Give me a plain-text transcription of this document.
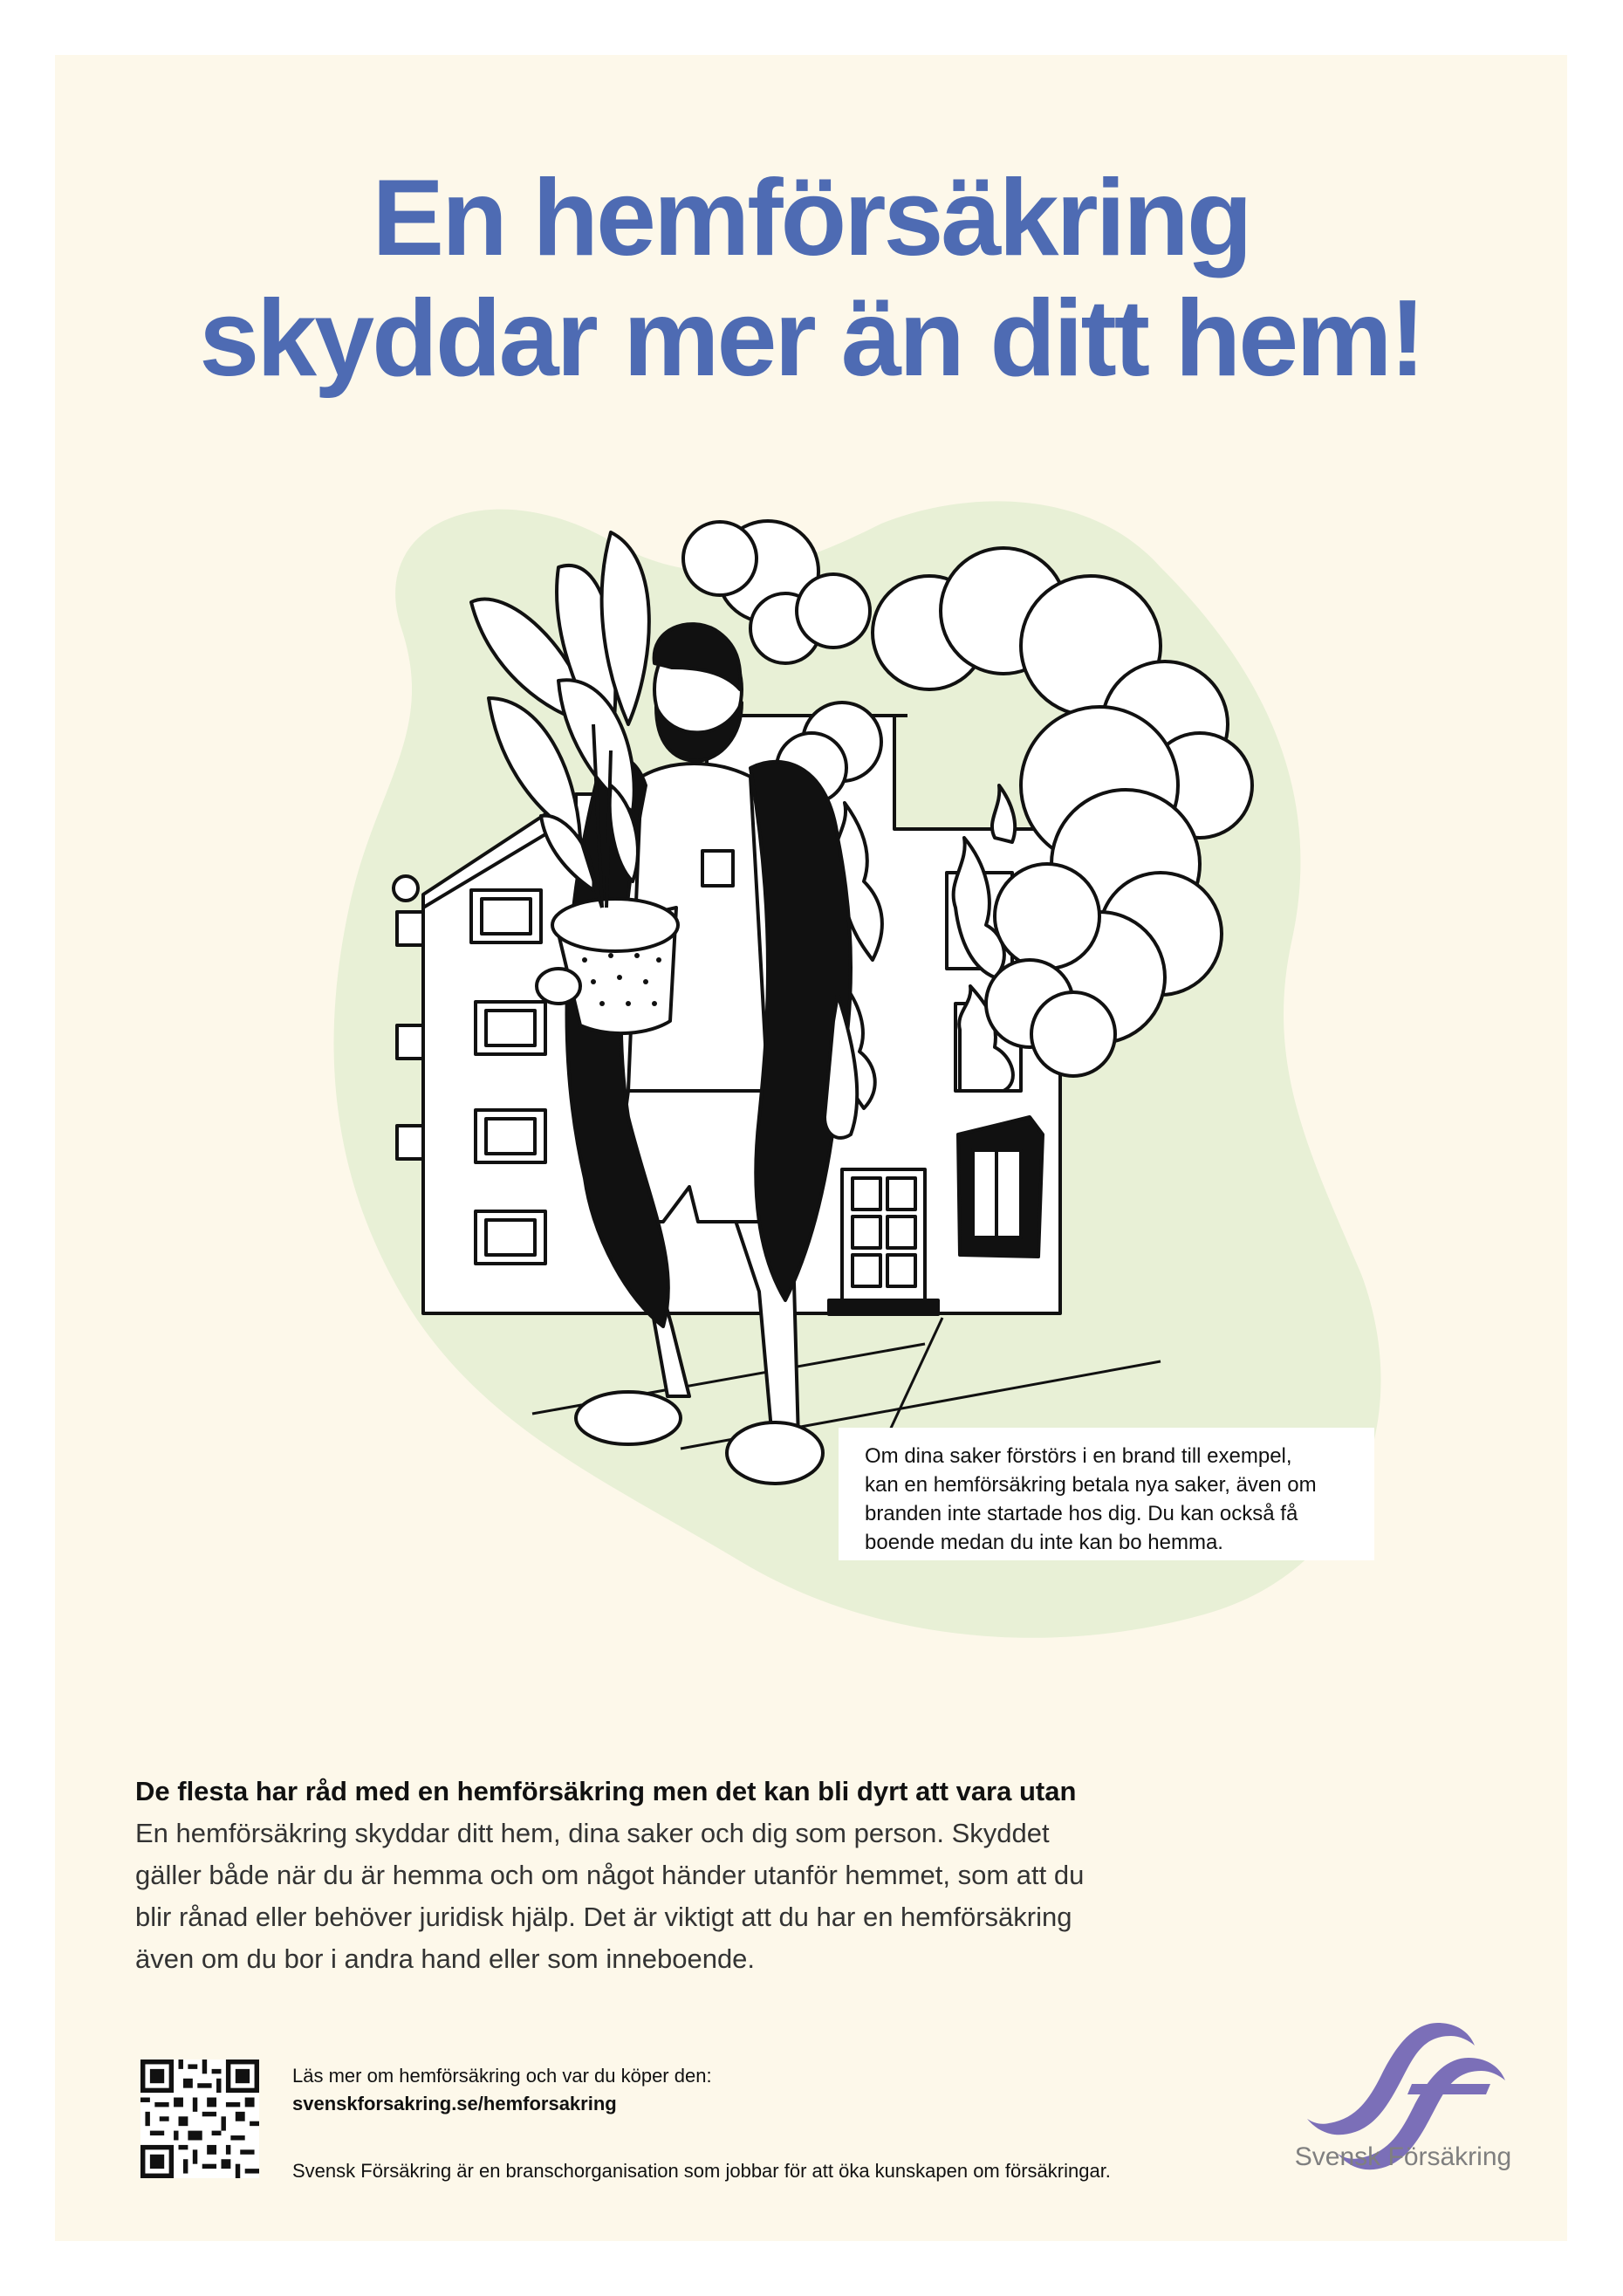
En hemförsäkring
skyddar mer än ditt hem!
Om dina saker förstörs i en brand till exempel,
kan en hemförsäkring betala nya saker, även om
branden inte startade hos dig. Du kan också få
boende medan du inte kan bo hemma.
De flesta har råd med en hemförsäkring men det kan bli dyrt att vara utan
En hemförsäkring skyddar ditt hem, dina saker och dig som person. Skyddet
gäller både när du är hemma och om något händer utanför hemmet, som att du
blir rånad eller behöver juridisk hjälp. Det är viktigt att du har en hemförsäkring
även om du bor i andra hand eller som inneboende.
Läs mer om hemförsäkring och var du köper den:
svenskforsakring.se/hemforsakring
Svensk Försäkring är en branschorganisation som jobbar för att öka kunskapen om försäkringar.	Svensk Försäkring
